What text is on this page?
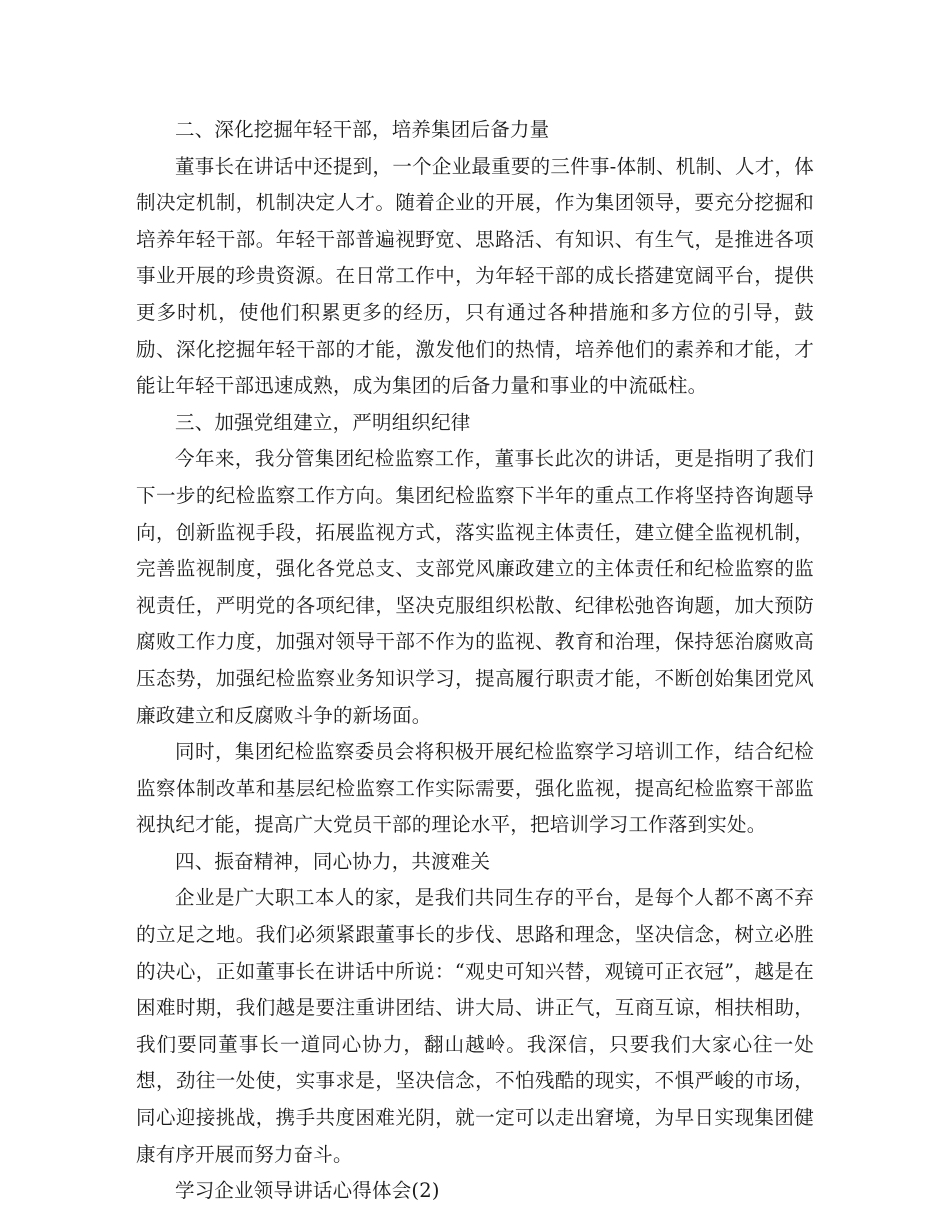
二、深化挖掘年轻干部，培养集团后备力量

董事长在讲话中还提到，一个企业最重要的三件事-体制、机制、人才，体制决定机制，机制决定人才。随着企业的开展，作为集团领导，要充分挖掘和培养年轻干部。年轻干部普遍视野宽、思路活、有知识、有生气，是推进各项事业开展的珍贵资源。在日常工作中，为年轻干部的成长搭建宽阔平台，提供更多时机，使他们积累更多的经历，只有通过各种措施和多方位的引导，鼓励、深化挖掘年轻干部的才能，激发他们的热情，培养他们的素养和才能，才能让年轻干部迅速成熟，成为集团的后备力量和事业的中流砥柱。

三、加强党组建立，严明组织纪律

今年来，我分管集团纪检监察工作，董事长此次的讲话，更是指明了我们下一步的纪检监察工作方向。集团纪检监察下半年的重点工作将坚持咨询题导向，创新监视手段，拓展监视方式，落实监视主体责任，建立健全监视机制，完善监视制度，强化各党总支、支部党风廉政建立的主体责任和纪检监察的监视责任，严明党的各项纪律，坚决克服组织松散、纪律松弛咨询题，加大预防腐败工作力度，加强对领导干部不作为的监视、教育和治理，保持惩治腐败高压态势，加强纪检监察业务知识学习，提高履行职责才能，不断创始集团党风廉政建立和反腐败斗争的新场面。

同时，集团纪检监察委员会将积极开展纪检监察学习培训工作，结合纪检监察体制改革和基层纪检监察工作实际需要，强化监视，提高纪检监察干部监视执纪才能，提高广大党员干部的理论水平，把培训学习工作落到实处。

四、振奋精神，同心协力，共渡难关

企业是广大职工本人的家，是我们共同生存的平台，是每个人都不离不弃的立足之地。我们必须紧跟董事长的步伐、思路和理念，坚决信念，树立必胜的决心，正如董事长在讲话中所说：“观史可知兴替，观镜可正衣冠”，越是在困难时期，我们越是要注重讲团结、讲大局、讲正气，互商互谅，相扶相助，我们要同董事长一道同心协力，翻山越岭。我深信，只要我们大家心往一处想，劲往一处使，实事求是，坚决信念，不怕残酷的现实，不惧严峻的市场，同心迎接挑战，携手共度困难光阴，就一定可以走出窘境，为早日实现集团健康有序开展而努力奋斗。

学习企业领导讲话心得体会(2)
